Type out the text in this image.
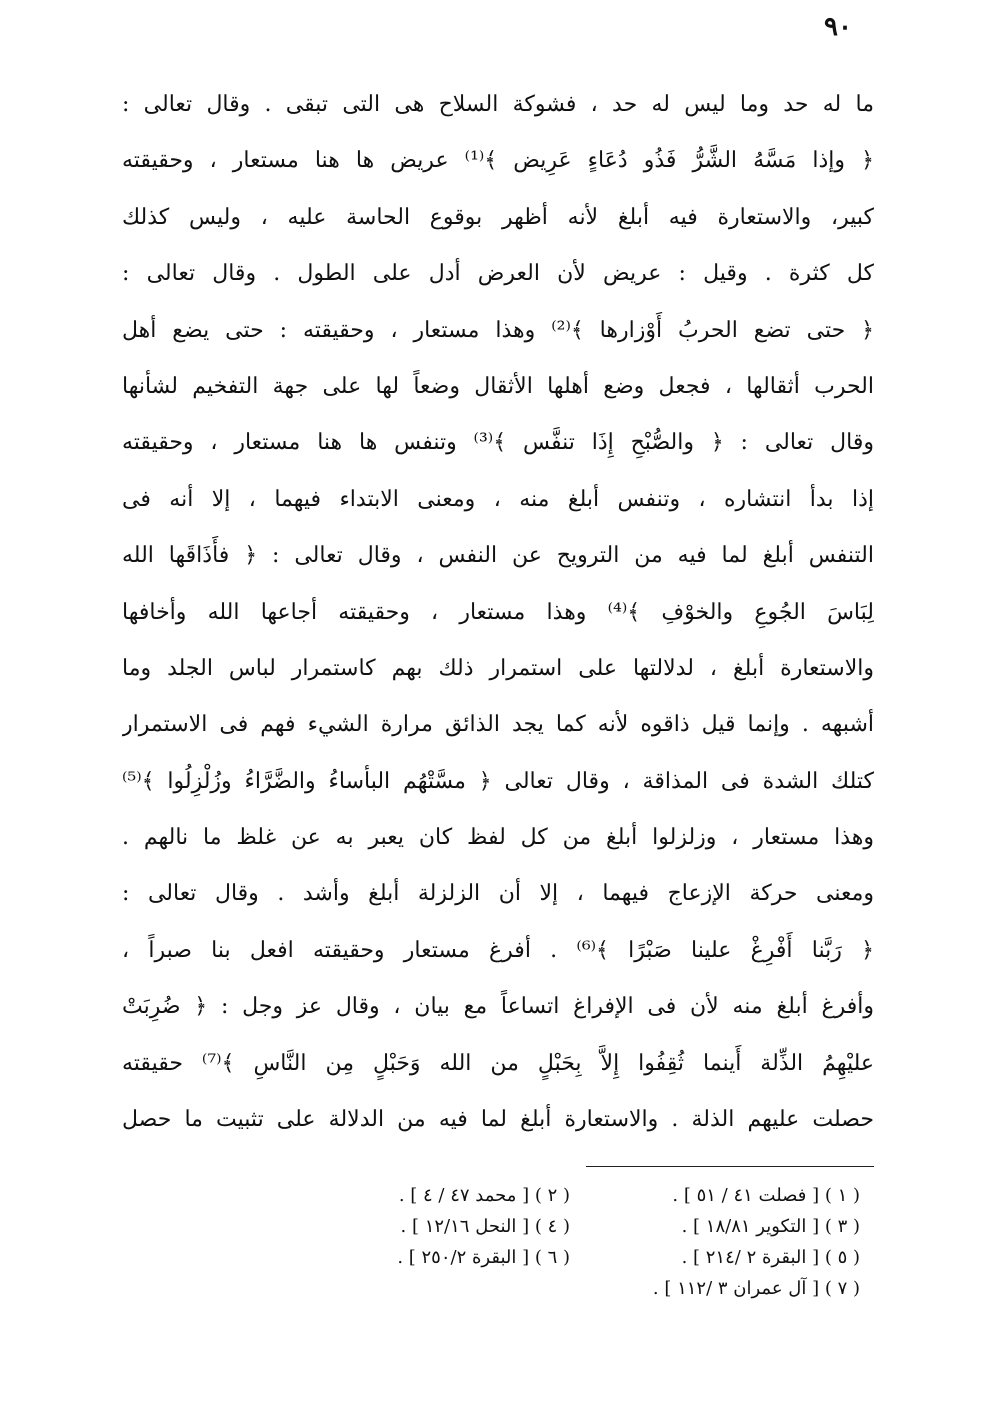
٩٠
ما له حد وما ليس له حد ، فشوكة السلاح هى التى تبقى . وقال تعالى :
﴿ وإذا مَسَّهُ الشَّرُّ فَذُو دُعَاءٍ عَرِيض ﴾⁽¹⁾ عريض ها هنا مستعار ، وحقيقته
كبير، والاستعارة فيه أبلغ لأنه أظهر بوقوع الحاسة عليه ، وليس كذلك
كل كثرة . وقيل : عريض لأن العرض أدل على الطول . وقال تعالى :
﴿ حتى تضع الحربُ أَوْزارها ﴾⁽²⁾ وهذا مستعار ، وحقيقته : حتى يضع أهل
الحرب أثقالها ، فجعل وضع أهلها الأثقال وضعاً لها على جهة التفخيم لشأنها
وقال تعالى : ﴿ والصُّبْحِ إِذَا تنفَّس ﴾⁽³⁾ وتنفس ها هنا مستعار ، وحقيقته
إذا بدأ انتشاره ، وتنفس أبلغ منه ، ومعنى الابتداء فيهما ، إلا أنه فى
التنفس أبلغ لما فيه من الترويح عن النفس ، وقال تعالى : ﴿ فأَذَاقَها الله
لِبَاسَ الجُوعِ والخوْفِ ﴾⁽⁴⁾ وهذا مستعار ، وحقيقته أجاعها الله وأخافها
والاستعارة أبلغ ، لدلالتها على استمرار ذلك بهم كاستمرار لباس الجلد وما
أشبهه . وإنما قيل ذاقوه لأنه كما يجد الذائق مرارة الشيء فهم فى الاستمرار
كتلك الشدة فى المذاقة ، وقال تعالى ﴿ مسَّتْهُم البأساءُ والضَّرَّاءُ وزُلْزِلُوا ﴾⁽⁵⁾
وهذا مستعار ، وزلزلوا أبلغ من كل لفظ كان يعبر به عن غلظ ما نالهم .
ومعنى حركة الإزعاج فيهما ، إلا أن الزلزلة أبلغ وأشد . وقال تعالى :
﴿ رَبَّنا أَفْرِغْ علينا صَبْرًا ﴾⁽⁶⁾ . أفرغ مستعار وحقيقته افعل بنا صبراً ،
وأفرغ أبلغ منه لأن فى الإفراغ اتساعاً مع بيان ، وقال عز وجل : ﴿ ضُرِبَتْ
عليْهِمُ الذِّلة أَينما ثُقِفُوا إِلاَّ بِحَبْلٍ من الله وَحَبْلٍ مِن النَّاسِ ﴾⁽⁷⁾ حقيقته
حصلت عليهم الذلة . والاستعارة أبلغ لما فيه من الدلالة على تثبيت ما حصل
( ١ ) [ فصلت ٤١ / ٥١ ] .
( ٢ ) [ محمد ٤٧ / ٤ ] .
( ٣ ) [ التكوير ١٨/٨١ ] .
( ٤ ) [ النحل ١٢/١٦ ] .
( ٥ ) [ البقرة ٢ /٢١٤ ] .
( ٦ ) [ البقرة ٢٥٠/٢ ] .
( ٧ ) [ آل عمران ٣ /١١٢ ] .
